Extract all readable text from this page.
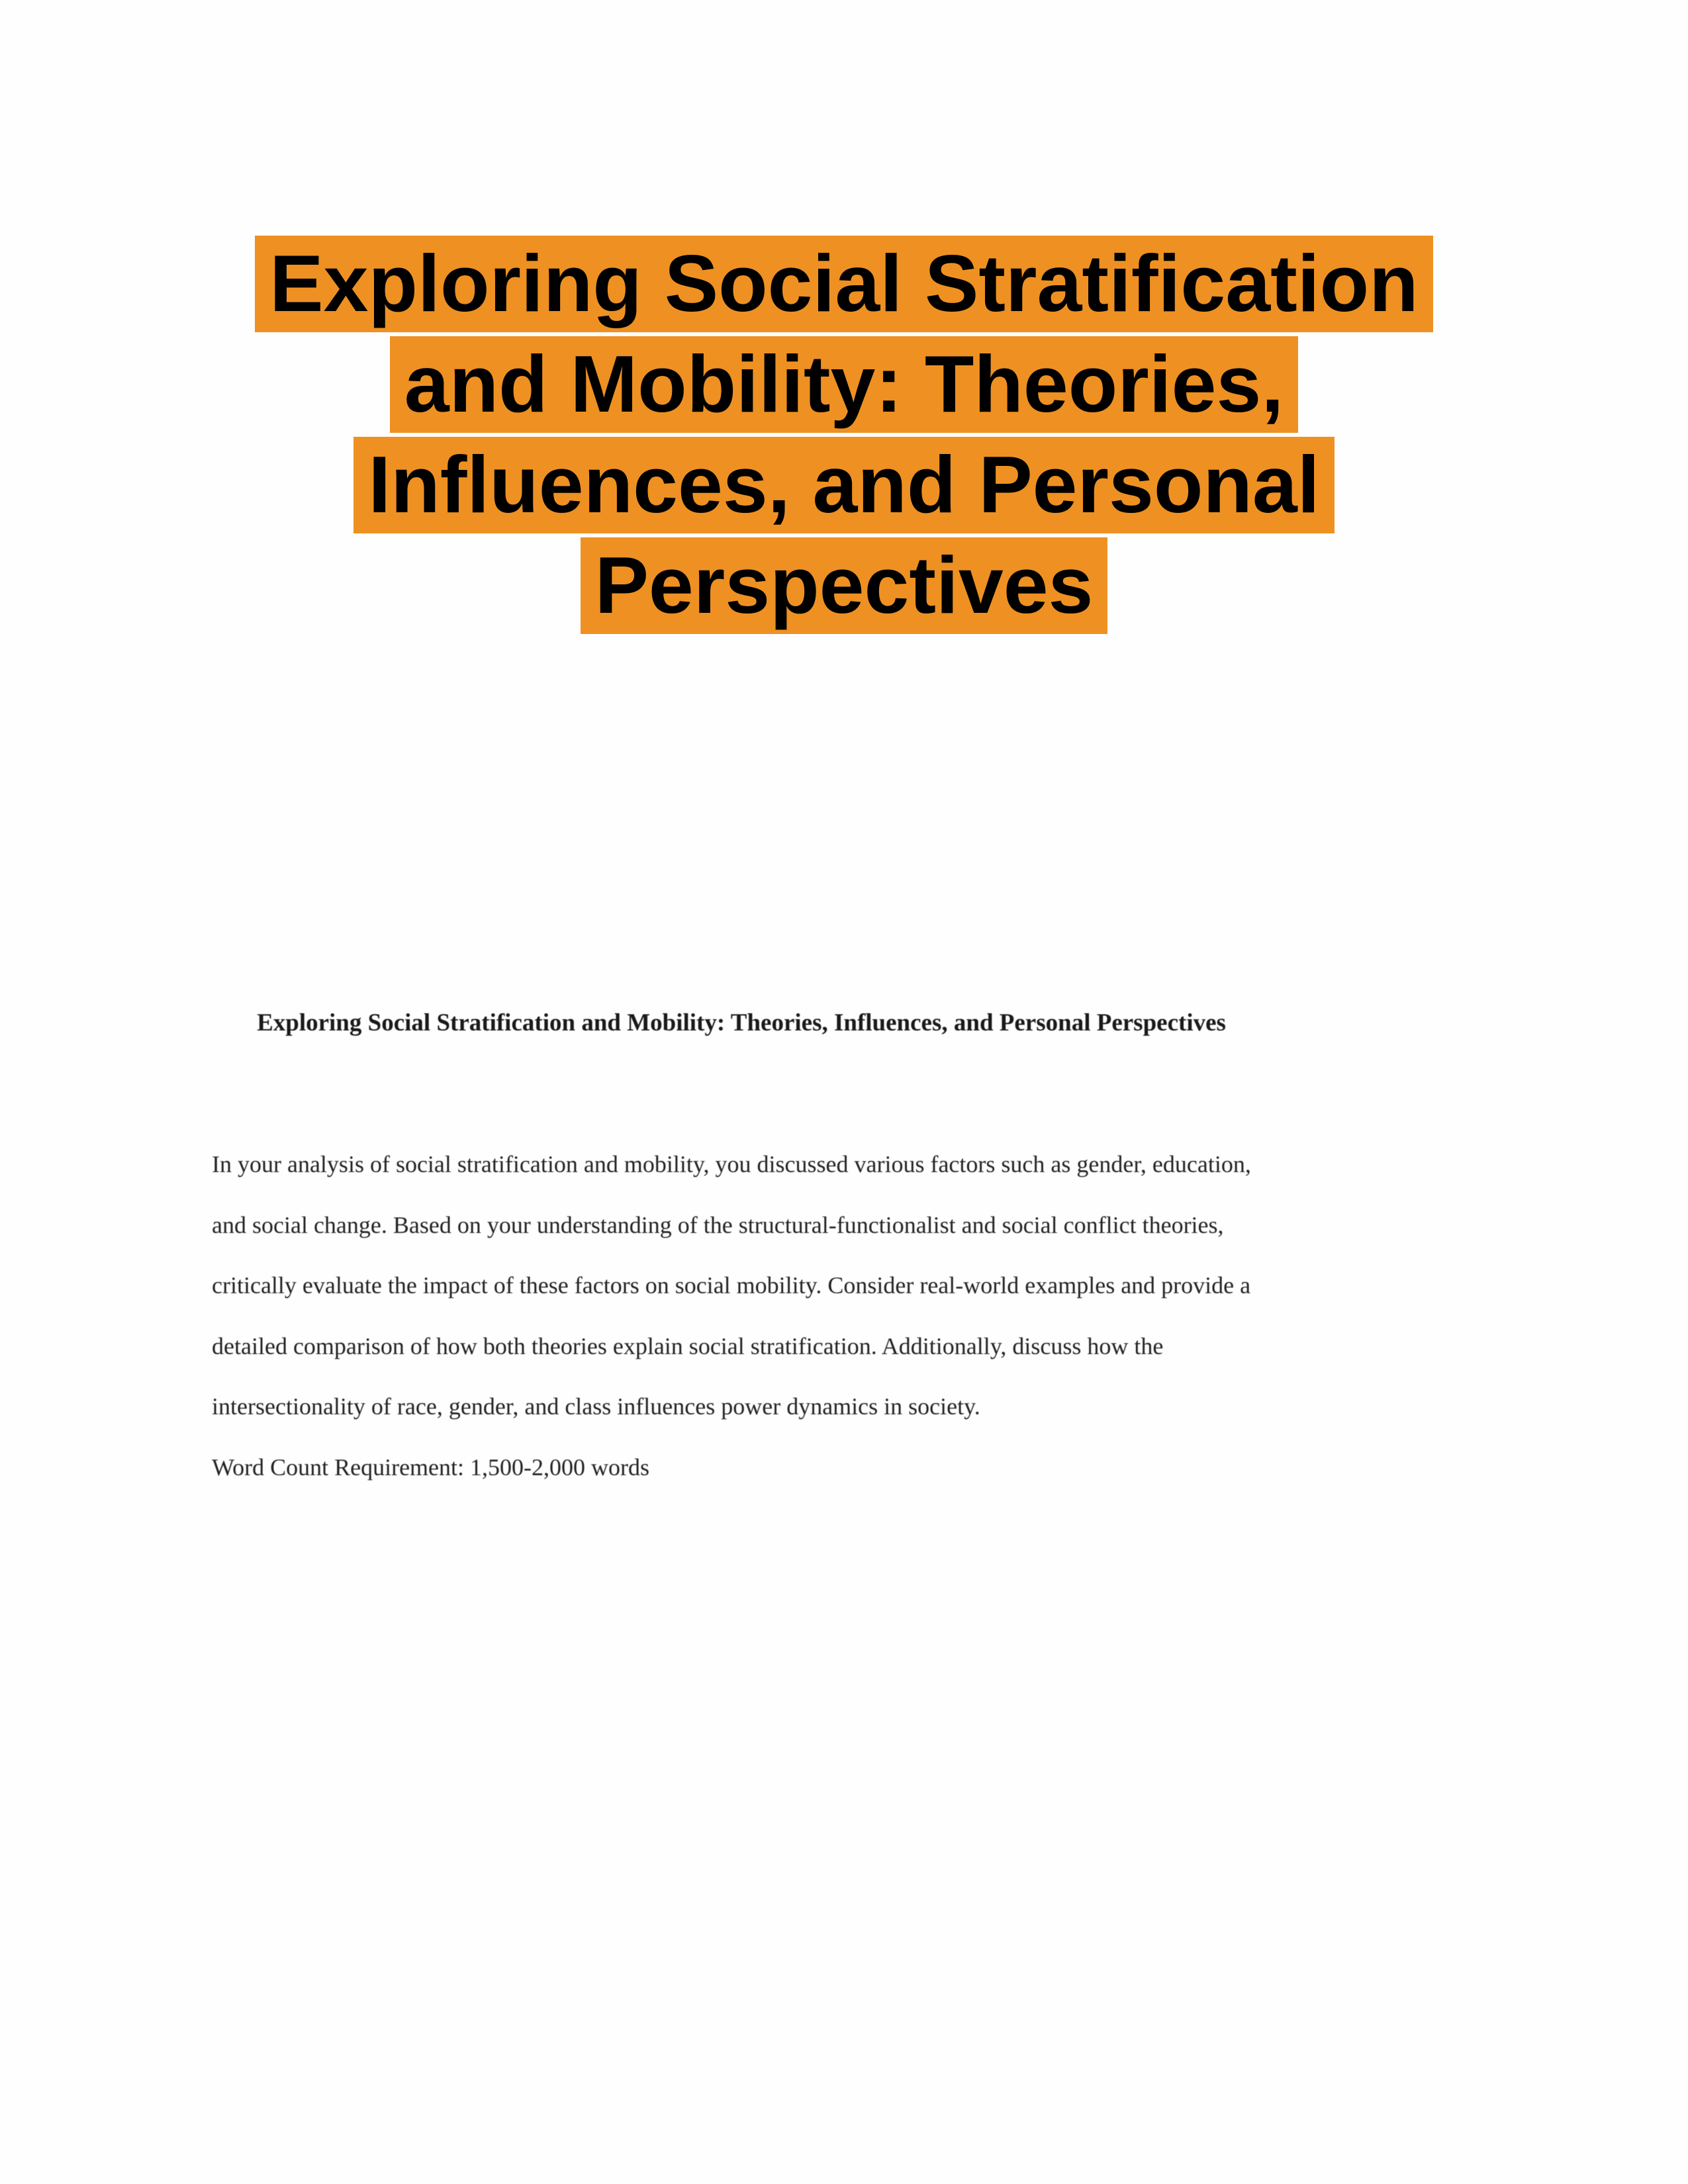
Exploring Social Stratification and Mobility: Theories, Influences, and Personal Perspectives
Exploring Social Stratification and Mobility: Theories, Influences, and Personal Perspectives

In your analysis of social stratification and mobility, you discussed various factors such as gender, education, and social change. Based on your understanding of the structural-functionalist and social conflict theories, critically evaluate the impact of these factors on social mobility. Consider real-world examples and provide a detailed comparison of how both theories explain social stratification. Additionally, discuss how the intersectionality of race, gender, and class influences power dynamics in society.

Word Count Requirement: 1,500-2,000 words
